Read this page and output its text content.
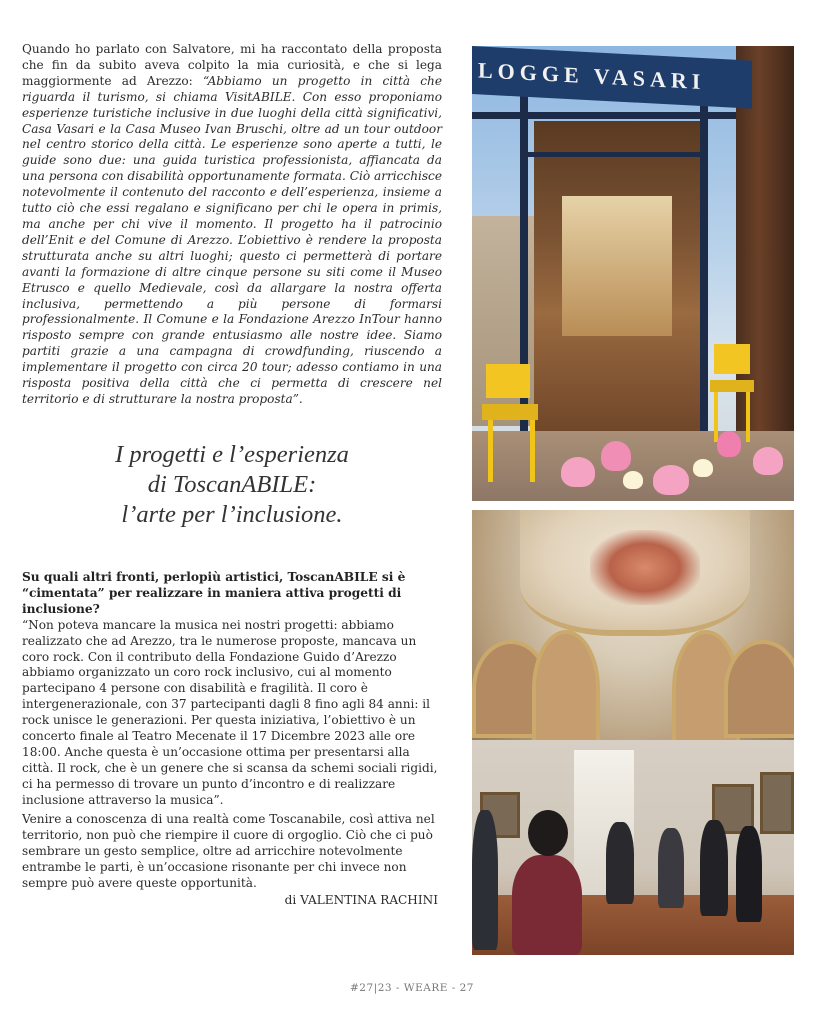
Quando ho parlato con Salvatore, mi ha raccontato della proposta che fin da subito aveva colpito la mia curiosità, e che si lega maggiormente ad Arezzo: “Abbiamo un progetto in città che riguarda il turismo, si chiama VisitABILE. Con esso proponiamo esperienze turistiche inclusive in due luoghi della città significativi, Casa Vasari e la Casa Museo Ivan Bruschi, oltre ad un tour outdoor nel centro storico della città. Le esperienze sono aperte a tutti, le guide sono due: una guida turistica professionista, affiancata da una persona con disabilità opportunamente formata. Ciò arricchisce notevolmente il contenuto del racconto e dell’esperienza, insieme a tutto ciò che essi regalano e significano per chi le opera in primis, ma anche per chi vive il momento. Il progetto ha il patrocinio dell’Enit e del Comune di Arezzo. L’obiettivo è rendere la proposta strutturata anche su altri luoghi; questo ci permetterà di portare avanti la formazione di altre cinque persone su siti come il Museo Etrusco e quello Medievale, così da allargare la nostra offerta inclusiva, permettendo a più persone di formarsi professionalmente. Il Comune e la Fondazione Arezzo InTour hanno risposto sempre con grande entusiasmo alle nostre idee. Siamo partiti grazie a una campagna di crowdfunding, riuscendo a implementare il progetto con circa 20 tour; adesso contiamo in una risposta positiva della città che ci permetta di crescere nel territorio e di strutturare la nostra proposta”.

I progetti e l’esperienza
di ToscanABILE:
l’arte per l’inclusione.

Su quali altri fronti, perlopiù artistici, ToscanABILE si è “cimentata” per realizzare in maniera attiva progetti di inclusione?

“Non poteva mancare la musica nei nostri progetti: abbiamo realizzato che ad Arezzo, tra le numerose proposte, mancava un coro rock. Con il contributo della Fondazione Guido d’Arezzo abbiamo organizzato un coro rock inclusivo, cui al momento partecipano 4 persone con disabilità e fragilità. Il coro è intergenerazionale, con 37 partecipanti dagli 8 fino agli 84 anni: il rock unisce le generazioni. Per questa iniziativa, l’obiettivo è un concerto finale al Teatro Mecenate il 17 Dicembre 2023 alle ore 18:00. Anche questa è un’occasione ottima per presentarsi alla città. Il rock, che è un genere che si scansa da schemi sociali rigidi, ci ha permesso di trovare un punto d’incontro e di realizzare inclusione attraverso la musica”.

Venire a conoscenza di una realtà come Toscanabile, così attiva nel territorio, non può che riempire il cuore di orgoglio. Ciò che ci può sembrare un gesto semplice, oltre ad arricchire notevolmente entrambe le parti, è un’occasione risonante per chi invece non sempre può avere queste opportunità.

di VALENTINA RACHINI

LOGGE VASARI
#27|23 - WEARE - 27
